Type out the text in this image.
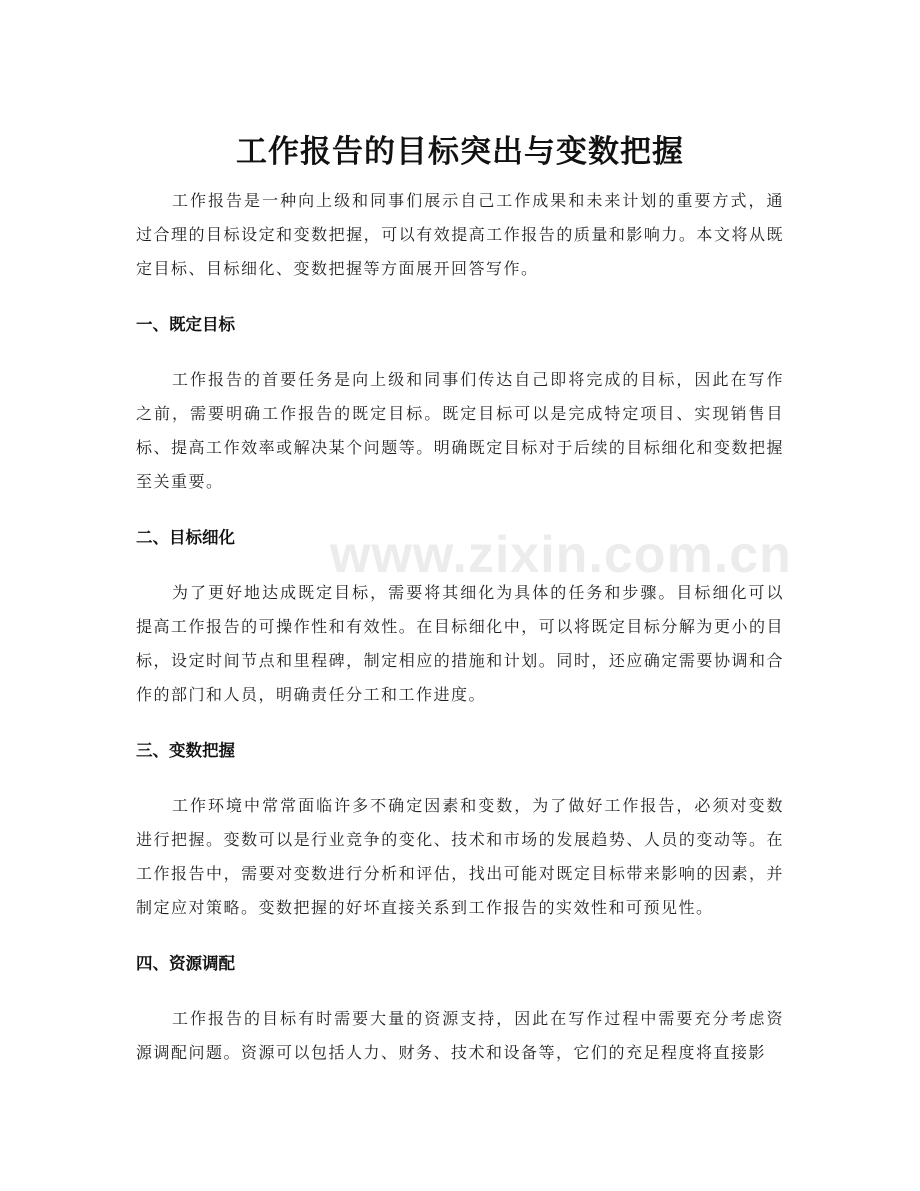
www.zixin.com.cn
工作报告的目标突出与变数把握

工作报告是一种向上级和同事们展示自己工作成果和未来计划的重要方式，通过合理的目标设定和变数把握，可以有效提高工作报告的质量和影响力。本文将从既定目标、目标细化、变数把握等方面展开回答写作。

一、既定目标

工作报告的首要任务是向上级和同事们传达自己即将完成的目标，因此在写作之前，需要明确工作报告的既定目标。既定目标可以是完成特定项目、实现销售目标、提高工作效率或解决某个问题等。明确既定目标对于后续的目标细化和变数把握至关重要。

二、目标细化

为了更好地达成既定目标，需要将其细化为具体的任务和步骤。目标细化可以提高工作报告的可操作性和有效性。在目标细化中，可以将既定目标分解为更小的目标，设定时间节点和里程碑，制定相应的措施和计划。同时，还应确定需要协调和合作的部门和人员，明确责任分工和工作进度。

三、变数把握

工作环境中常常面临许多不确定因素和变数，为了做好工作报告，必须对变数进行把握。变数可以是行业竞争的变化、技术和市场的发展趋势、人员的变动等。在工作报告中，需要对变数进行分析和评估，找出可能对既定目标带来影响的因素，并制定应对策略。变数把握的好坏直接关系到工作报告的实效性和可预见性。

四、资源调配

工作报告的目标有时需要大量的资源支持，因此在写作过程中需要充分考虑资源调配问题。资源可以包括人力、财务、技术和设备等，它们的充足程度将直接影
